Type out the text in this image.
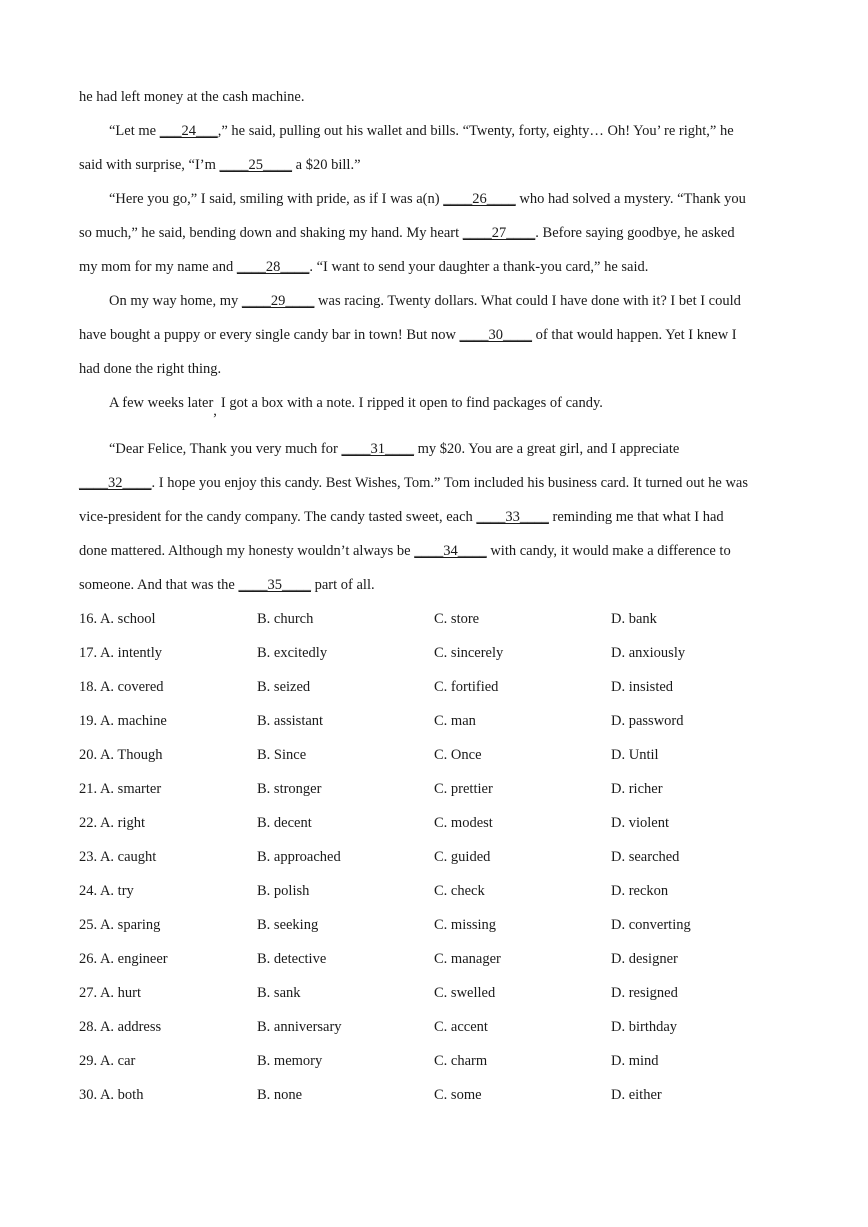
he had left money at the cash machine.
“Let me ___24___,” he said, pulling out his wallet and bills. “Twenty, forty, eighty… Oh! You’ re right,” he
said with surprise, “I’m ____25____ a $20 bill.”
“Here you go,” I said, smiling with pride, as if I was a(n) ____26____ who had solved a mystery. “Thank you
so much,” he said, bending down and shaking my hand. My heart ____27____. Before saying goodbye, he asked
my mom for my name and ____28____. “I want to send your daughter a thank-you card,” he said.
On my way home, my ____29____ was racing. Twenty dollars. What could I have done with it? I bet I could
have bought a puppy or every single candy bar in town! But now ____30____ of that would happen. Yet I knew I
had done the right thing.
A few weeks later, I got a box with a note. I ripped it open to find packages of candy.
“Dear Felice, Thank you very much for ____31____ my $20. You are a great girl, and I appreciate
____32____. I hope you enjoy this candy. Best Wishes, Tom.” Tom included his business card. It turned out he was
vice-president for the candy company. The candy tasted sweet, each ____33____ reminding me that what I had
done mattered. Although my honesty wouldn’t always be ____34____ with candy, it would make a difference to
someone. And that was the ____35____ part of all.
16. A. school	B. church	C. store	D. bank
17. A. intently	B. excitedly	C. sincerely	D. anxiously
18. A. covered	B. seized	C. fortified	D. insisted
19. A. machine	B. assistant	C. man	D. password
20. A. Though	B. Since	C. Once	D. Until
21. A. smarter	B. stronger	C. prettier	D. richer
22. A. right	B. decent	C. modest	D. violent
23. A. caught	B. approached	C. guided	D. searched
24. A. try	B. polish	C. check	D. reckon
25. A. sparing	B. seeking	C. missing	D. converting
26. A. engineer	B. detective	C. manager	D. designer
27. A. hurt	B. sank	C. swelled	D. resigned
28. A. address	B. anniversary	C. accent	D. birthday
29. A. car	B. memory	C. charm	D. mind
30. A. both	B. none	C. some	D. either
